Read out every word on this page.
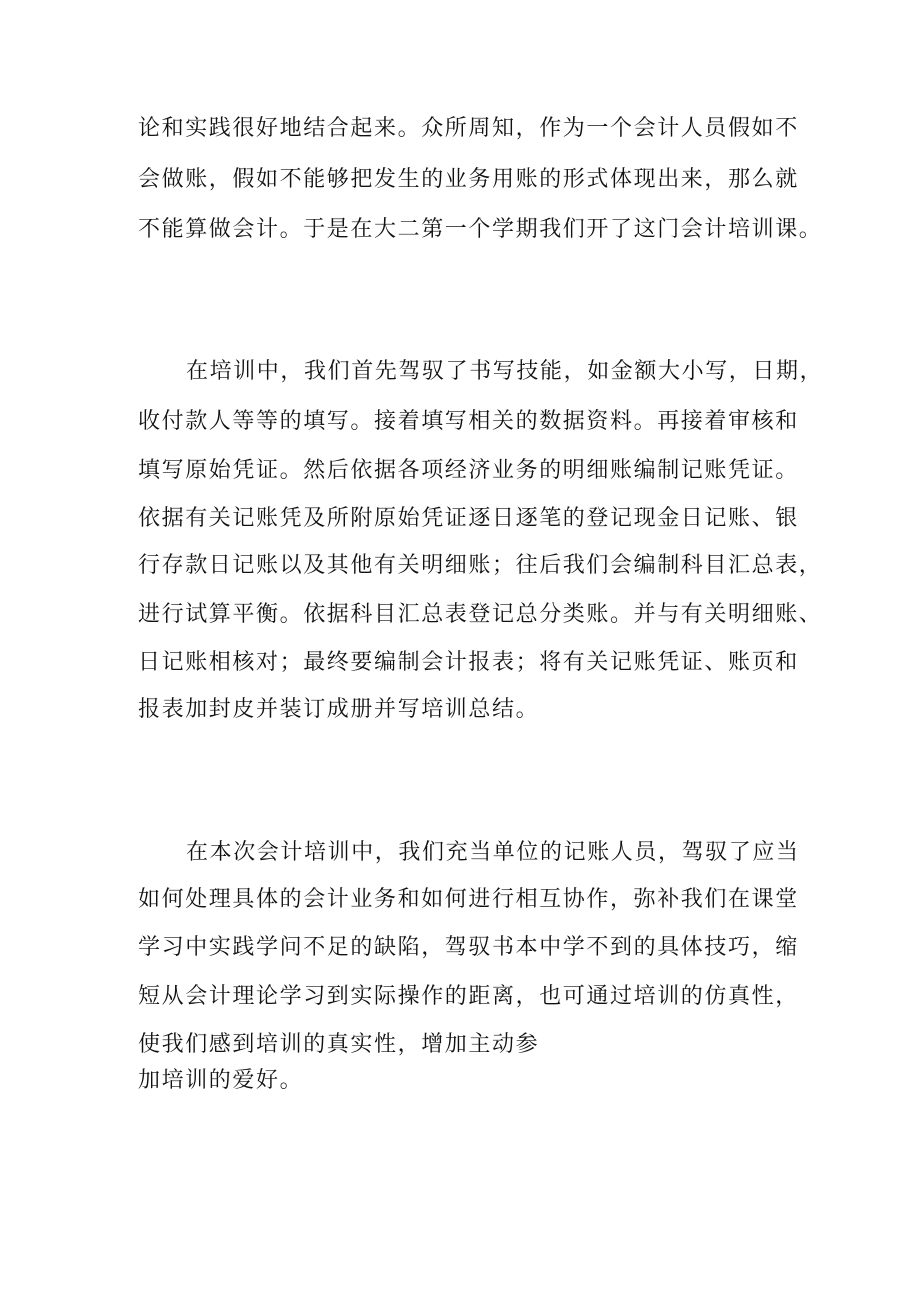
论和实践很好地结合起来。众所周知，作为一个会计人员假如不
会做账，假如不能够把发生的业务用账的形式体现出来，那么就
不能算做会计。于是在大二第一个学期我们开了这门会计培训课。
在培训中，我们首先驾驭了书写技能，如金额大小写，日期，
收付款人等等的填写。接着填写相关的数据资料。再接着审核和
填写原始凭证。然后依据各项经济业务的明细账编制记账凭证。
依据有关记账凭及所附原始凭证逐日逐笔的登记现金日记账、银
行存款日记账以及其他有关明细账；往后我们会编制科目汇总表，
进行试算平衡。依据科目汇总表登记总分类账。并与有关明细账、
日记账相核对；最终要编制会计报表；将有关记账凭证、账页和
报表加封皮并装订成册并写培训总结。
在本次会计培训中，我们充当单位的记账人员，驾驭了应当
如何处理具体的会计业务和如何进行相互协作，弥补我们在课堂
学习中实践学问不足的缺陷，驾驭书本中学不到的具体技巧，缩
短从会计理论学习到实际操作的距离，也可通过培训的仿真性，
使我们感到培训的真实性，增加主动参
加培训的爱好。
